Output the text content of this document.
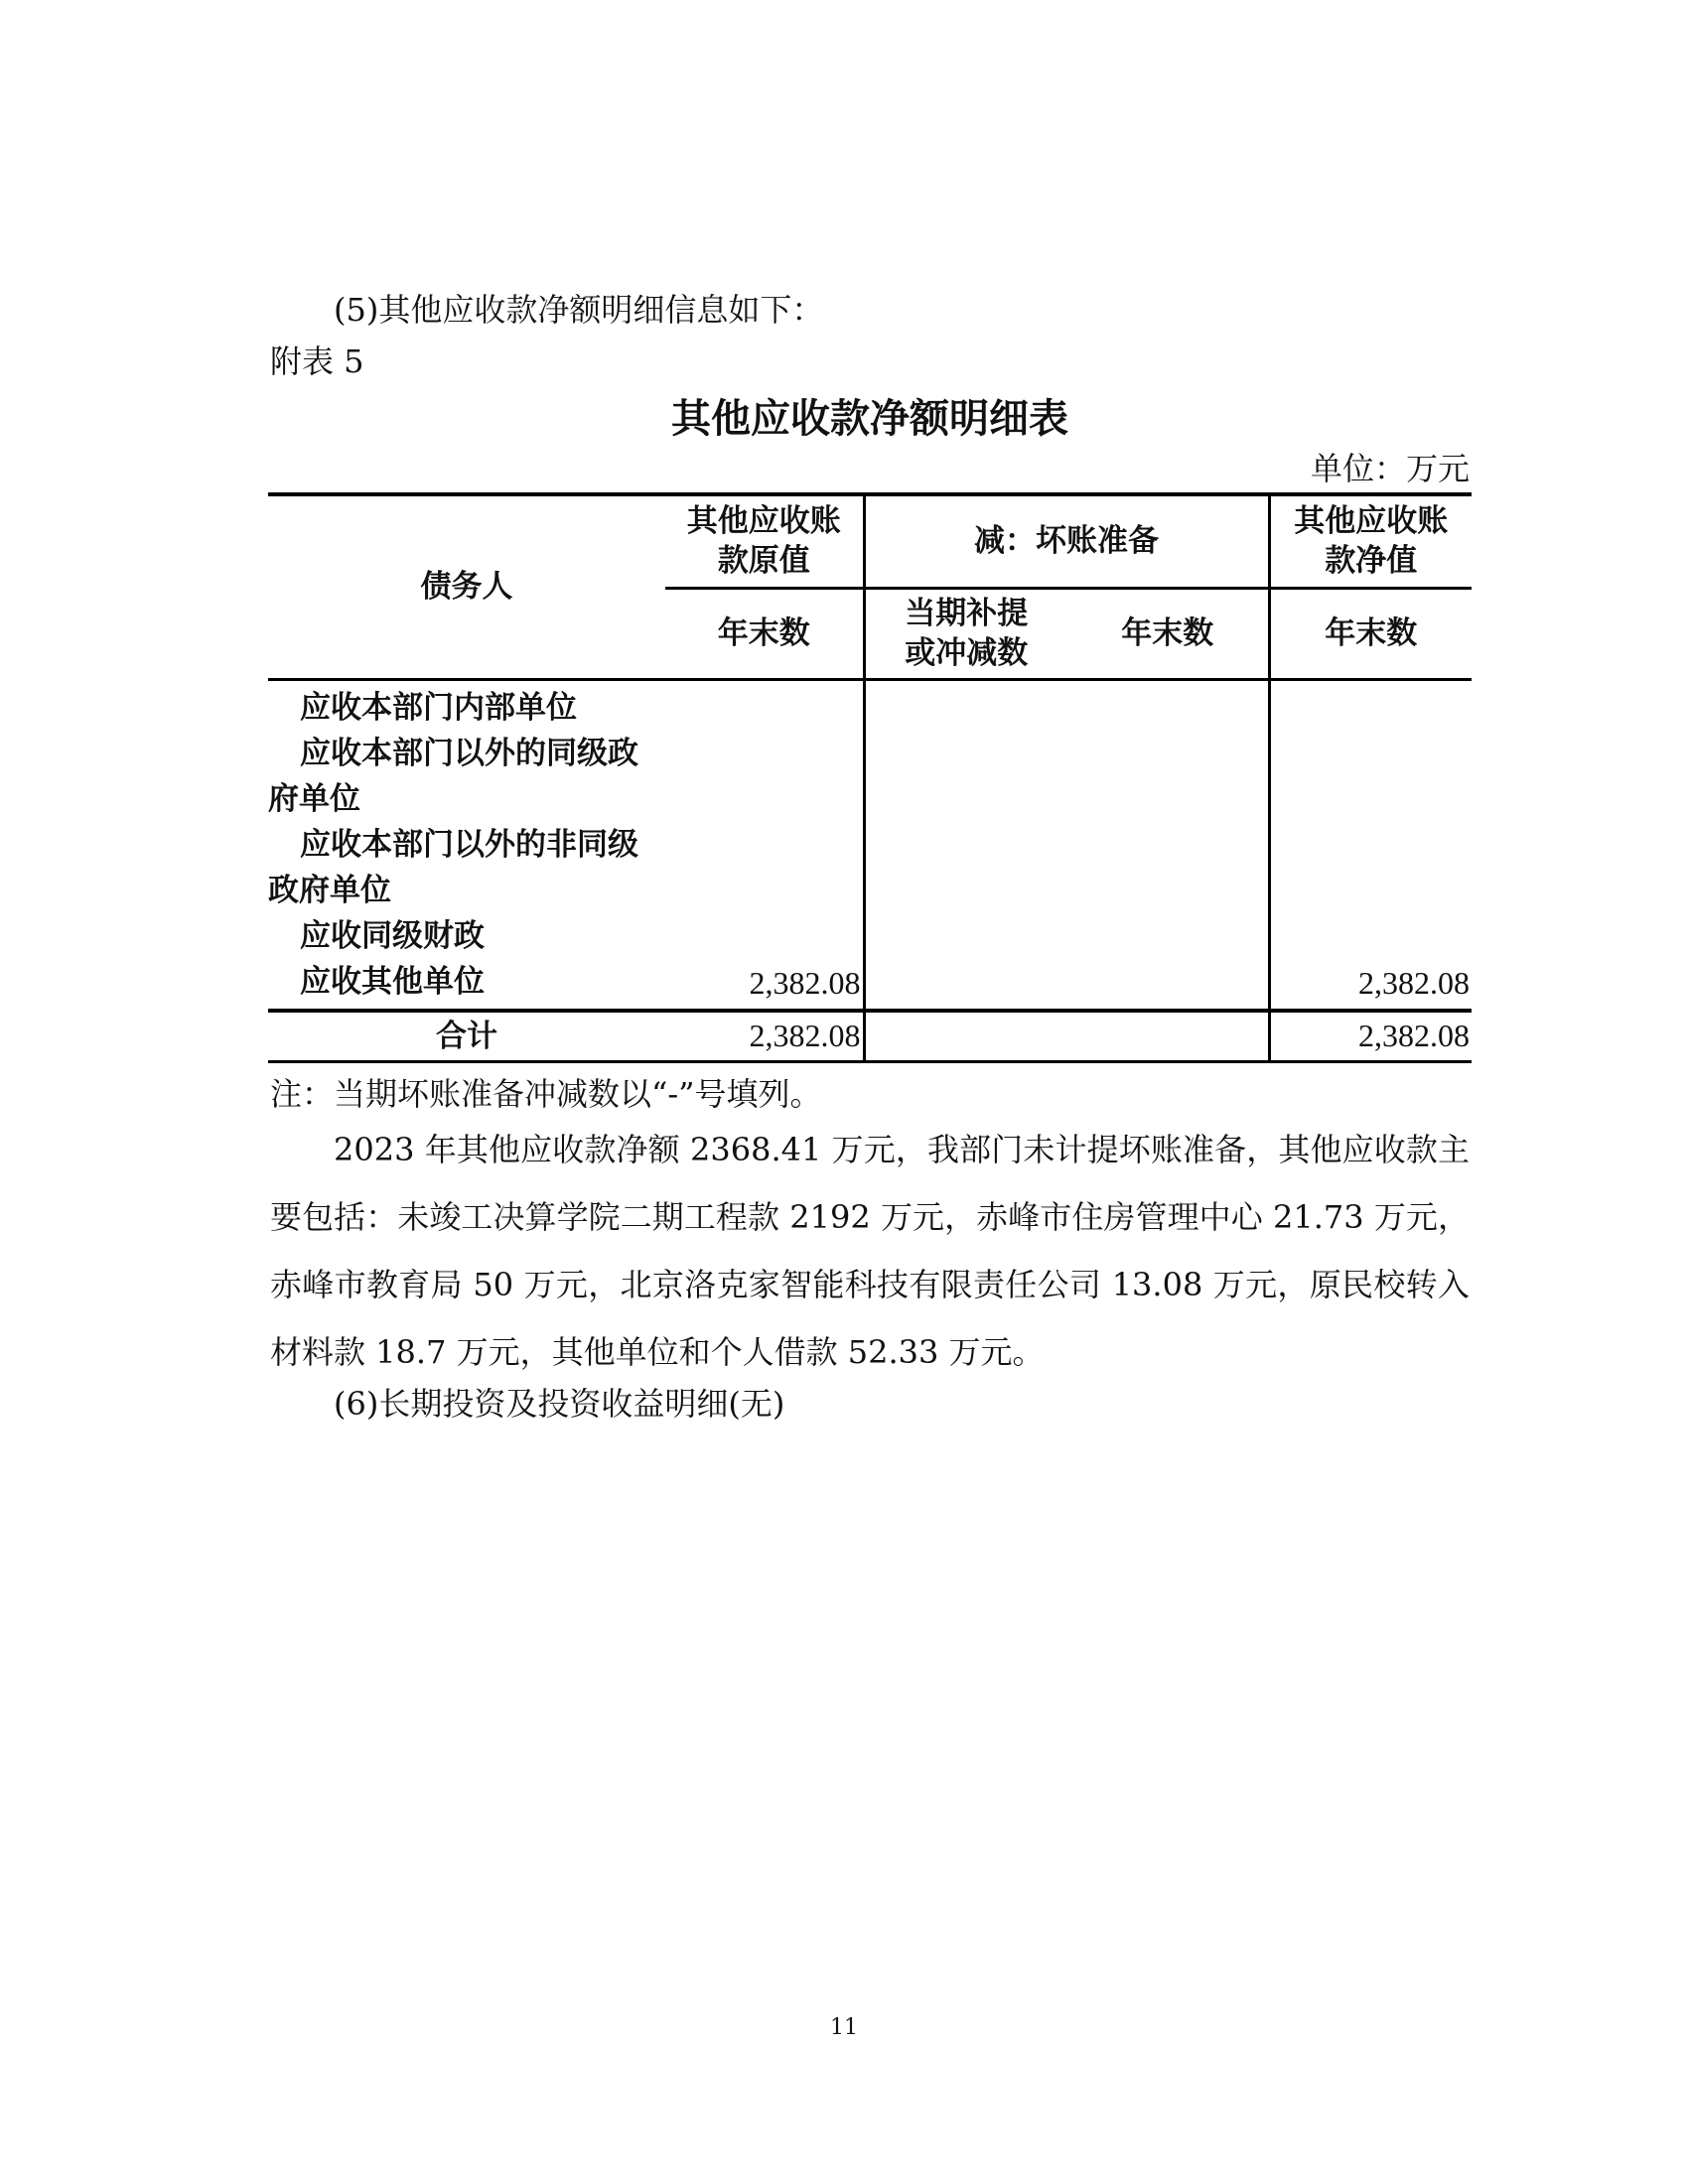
(5)其他应收款净额明细信息如下：
附表 5
其他应收款净额明细表
单位：万元
债务人	其他应收账款原值	减：坏账准备		其他应收账款净值
	年末数	当期补提或冲减数	年末数	年末数
应收本部门内部单位				
应收本部门以外的同级政府单位				
应收本部门以外的非同级政府单位				
应收同级财政				
应收其他单位	2,382.08			2,382.08
合计	2,382.08			2,382.08
注：当期坏账准备冲减数以“-”号填列。
2023 年其他应收款净额 2368.41 万元，我部门未计提坏账准备，其他应收款主要包括：未竣工决算学院二期工程款 2192 万元，赤峰市住房管理中心 21.73 万元，赤峰市教育局 50 万元，北京洛克家智能科技有限责任公司 13.08 万元，原民校转入材料款 18.7 万元，其他单位和个人借款 52.33 万元。
(6)长期投资及投资收益明细(无)
11
